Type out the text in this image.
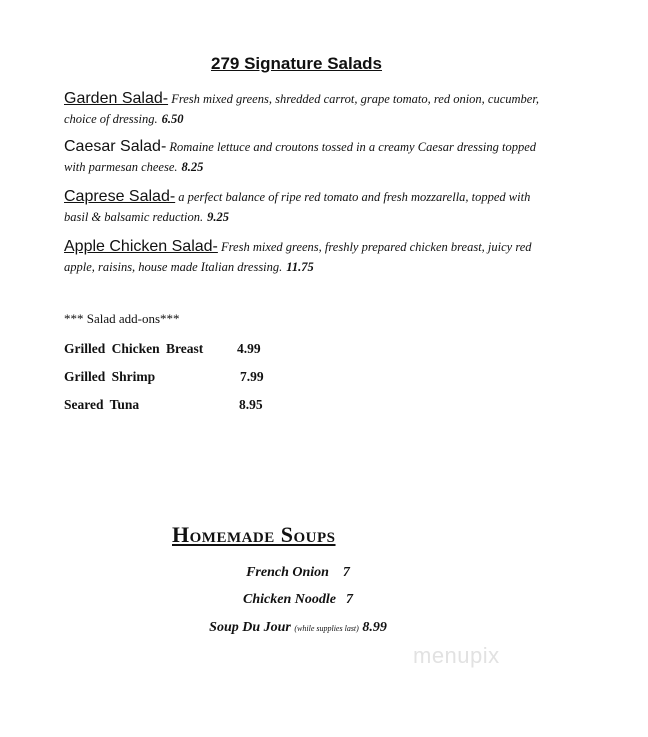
279 Signature Salads
Garden Salad- Fresh mixed greens, shredded carrot, grape tomato, red onion, cucumber, choice of dressing. 6.50
Caesar Salad- Romaine lettuce and croutons tossed in a creamy Caesar dressing topped with parmesan cheese. 8.25
Caprese Salad- a perfect balance of ripe red tomato and fresh mozzarella, topped with basil & balsamic reduction. 9.25
Apple Chicken Salad- Fresh mixed greens, freshly prepared chicken breast, juicy red apple, raisins, house made Italian dressing. 11.75
*** Salad add-ons***
Grilled Chicken Breast	4.99
Grilled Shrimp	7.99
Seared Tuna	8.95
Homemade Soups
French Onion 7
Chicken Noodle 7
Soup Du Jour (while supplies last) 8.99
menupix
